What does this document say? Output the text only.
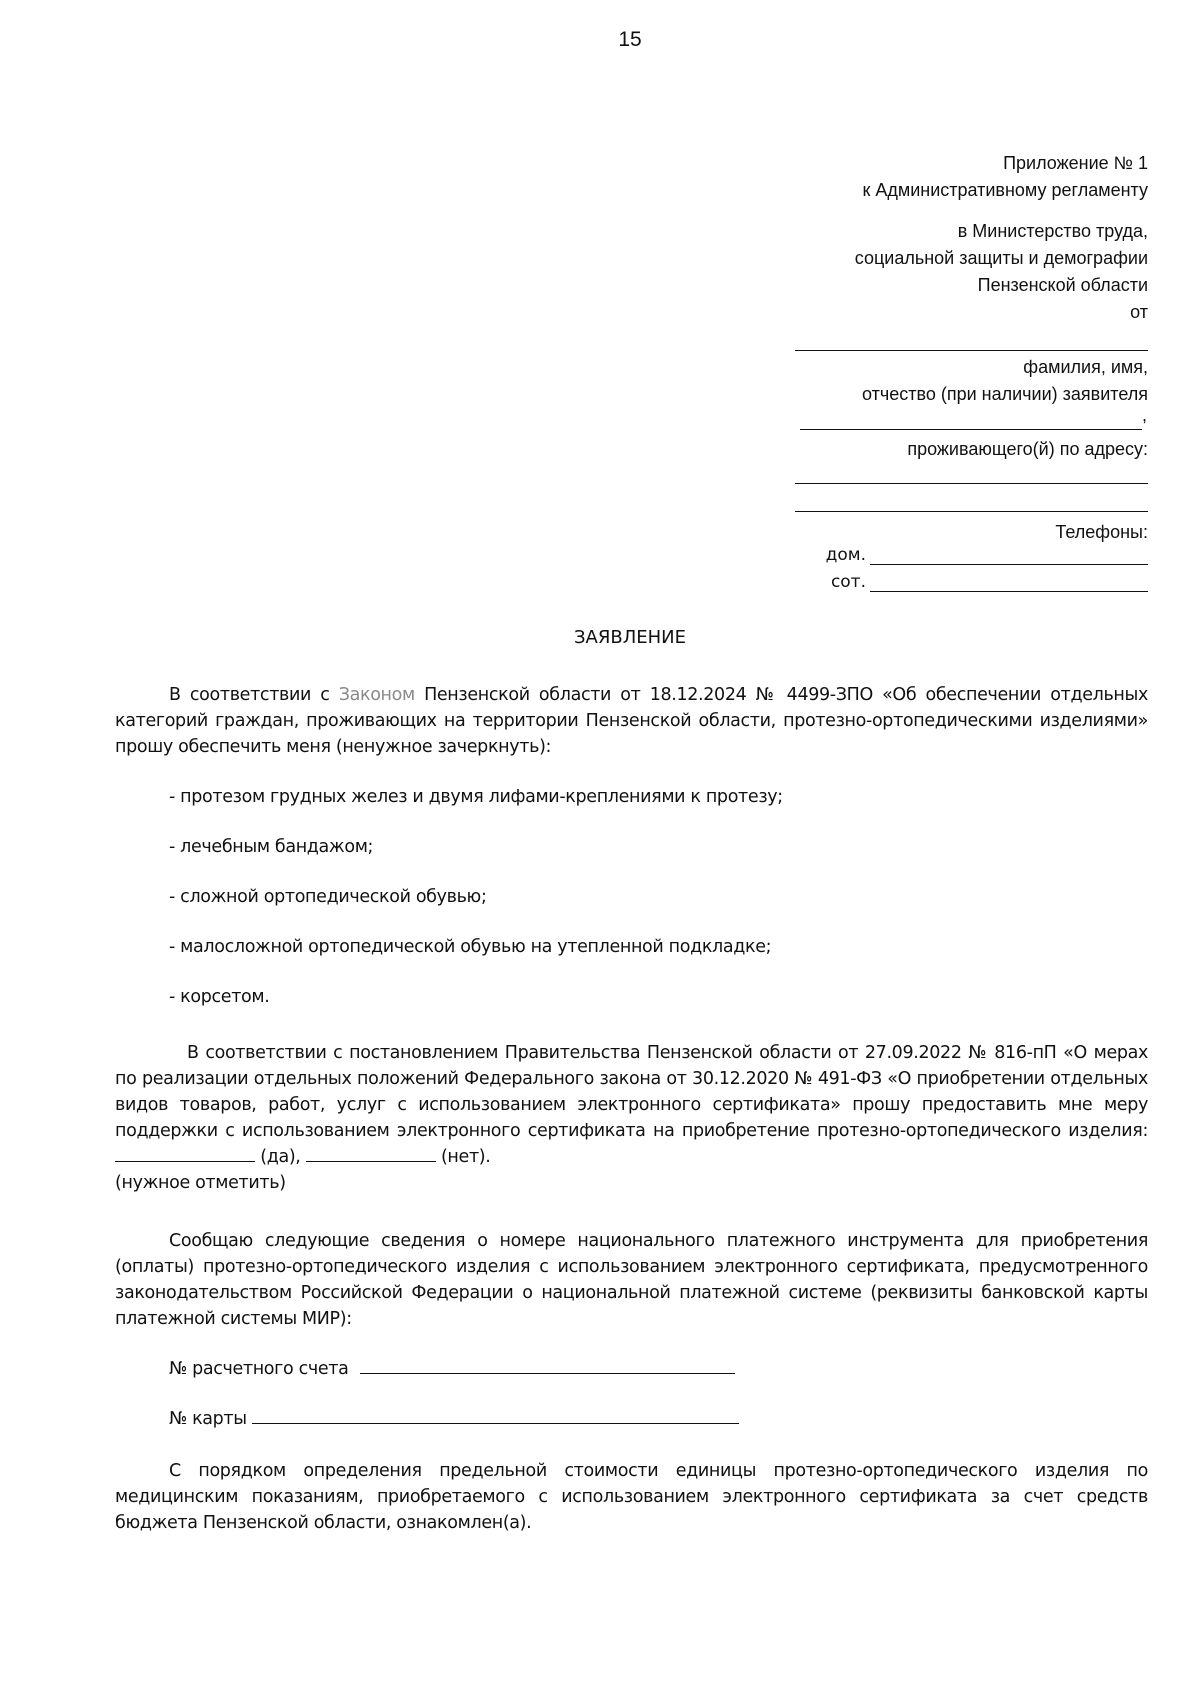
15
Приложение № 1
к Административному регламенту
в Министерство труда,
социальной защиты и демографии
Пензенской области
от
фамилия, имя,
отчество (при наличии) заявителя
,
проживающего(й) по адресу:
Телефоны:
дом.
сот.
ЗАЯВЛЕНИЕ
В соответствии с Законом Пензенской области от 18.12.2024 № 4499-ЗПО «Об обеспечении отдельных категорий граждан, проживающих на территории Пензенской области, протезно-ортопедическими изделиями» прошу обеспечить меня (ненужное зачеркнуть):
- протезом грудных желез и двумя лифами-креплениями к протезу;
- лечебным бандажом;
- сложной ортопедической обувью;
- малосложной ортопедической обувью на утепленной подкладке;
- корсетом.
В соответствии с постановлением Правительства Пензенской области от 27.09.2022 № 816-пП «О мерах по реализации отдельных положений Федерального закона от 30.12.2020 № 491-ФЗ «О приобретении отдельных видов товаров, работ, услуг с использованием электронного сертификата» прошу предоставить мне меру поддержки с использованием электронного сертификата на приобретение протезно-ортопедического изделия: (да),	(нет).
(нужное отметить)
Сообщаю следующие сведения о номере национального платежного инструмента для приобретения (оплаты) протезно-ортопедического изделия с использованием электронного сертификата, предусмотренного законодательством Российской Федерации о национальной платежной системе (реквизиты банковской карты платежной системы МИР):
№ расчетного счета
№ карты
С порядком определения предельной стоимости единицы протезно-ортопедического изделия по медицинским показаниям, приобретаемого с использованием электронного сертификата за счет средств бюджета Пензенской области, ознакомлен(а).
